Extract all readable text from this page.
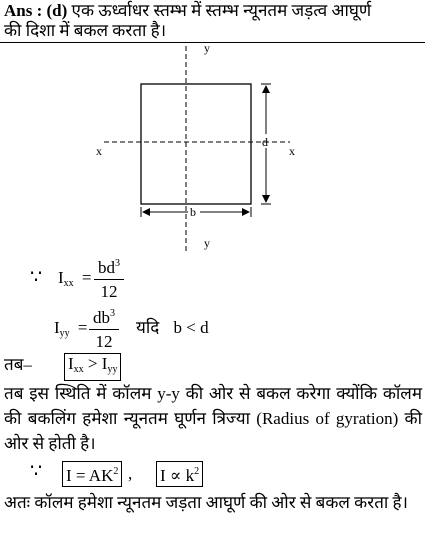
Ans : (d) एक ऊर्ध्वाधर स्तम्भ में स्तम्भ न्यूनतम जड़त्व आघूर्ण
की दिशा में बकल करता है।
d
b
y
y
x	x
∵ $I_{xx}$ =
$bd^3$
12
$I_{yy}$ =
$db^3$
12
यदि b < d
तब– $I_{xx} > I_{yy}$
तब इस स्थिति में कॉलम y-y की ओर से बकल करेगा क्योंकि कॉलम की बकलिंग हमेशा न्यूनतम घूर्णन त्रिज्या (Radius of gyration) की ओर से होती है।
∵ $I = AK^2$ , $I \propto k^2$
अतः कॉलम हमेशा न्यूनतम जड़ता आघूर्ण की ओर से बकल करता है।
